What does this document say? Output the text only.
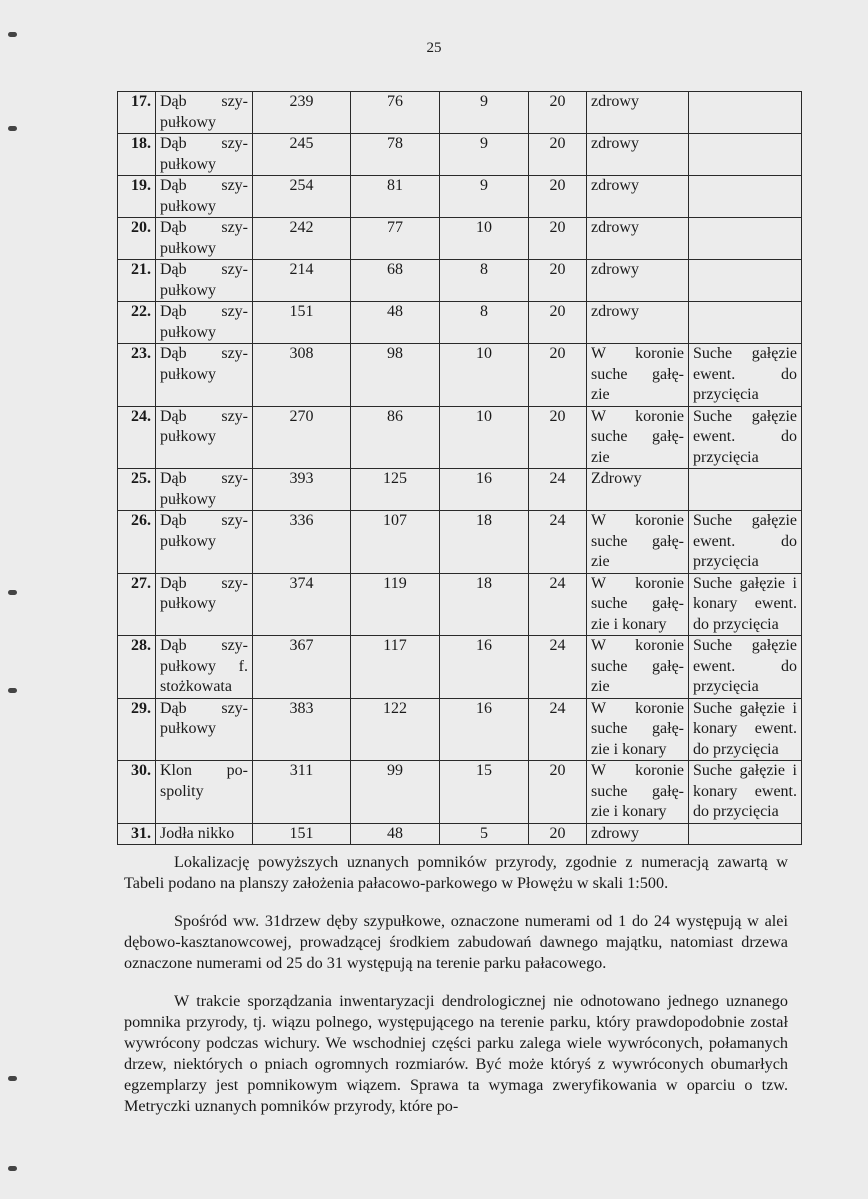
25
17.	Dąb szy-
pułkowy	239	76	9	20	zdrowy	

18.	Dąb szy-
pułkowy	245	78	9	20	zdrowy	

19.	Dąb szy-
pułkowy	254	81	9	20	zdrowy	

20.	Dąb szy-
pułkowy	242	77	10	20	zdrowy	

21.	Dąb szy-
pułkowy	214	68	8	20	zdrowy	

22.	Dąb szy-
pułkowy	151	48	8	20	zdrowy	

23.	Dąb szy-
pułkowy	308	98	10	20	W koronie
suche gałę-
zie	Suche gałęzie
ewent. do
przycięcia

24.	Dąb szy-
pułkowy	270	86	10	20	W koronie
suche gałę-
zie	Suche gałęzie
ewent. do
przycięcia

25.	Dąb szy-
pułkowy	393	125	16	24	Zdrowy	

26.	Dąb szy-
pułkowy	336	107	18	24	W koronie
suche gałę-
zie	Suche gałęzie
ewent. do
przycięcia

27.	Dąb szy-
pułkowy	374	119	18	24	W koronie
suche gałę-
zie i konary	Suche gałęzie i
konary ewent.
do przycięcia

28.	Dąb szy-
pułkowy f.
stożkowata	367	117	16	24	W koronie
suche gałę-
zie	Suche gałęzie
ewent. do
przycięcia

29.	Dąb szy-
pułkowy	383	122	16	24	W koronie
suche gałę-
zie i konary	Suche gałęzie i
konary ewent.
do przycięcia

30.	Klon po-
spolity	311	99	15	20	W koronie
suche gałę-
zie i konary	Suche gałęzie i
konary ewent.
do przycięcia

31.	Jodła nikko	151	48	5	20	zdrowy	

Lokalizację powyższych uznanych pomników przyrody, zgodnie z numeracją zawartą w Tabeli podano na planszy założenia pałacowo-parkowego w Płowężu w skali 1:500.
Spośród ww. 31drzew dęby szypułkowe, oznaczone numerami od 1 do 24 występują w alei dębowo-kasztanowcowej, prowadzącej środkiem zabudowań dawnego majątku, natomiast drzewa oznaczone numerami od 25 do 31 występują na terenie parku pałacowego.
W trakcie sporządzania inwentaryzacji dendrologicznej nie odnotowano jednego uznanego pomnika przyrody, tj. wiązu polnego, występującego na terenie parku, który prawdopodobnie został wywrócony podczas wichury. We wschodniej części parku zalega wiele wywróconych, połamanych drzew, niektórych o pniach ogromnych rozmiarów. Być może któryś z wywróconych obumarłych egzemplarzy jest pomnikowym wiązem. Sprawa ta wymaga zweryfikowania w oparciu o tzw. Metryczki uznanych pomników przyrody, które po-
